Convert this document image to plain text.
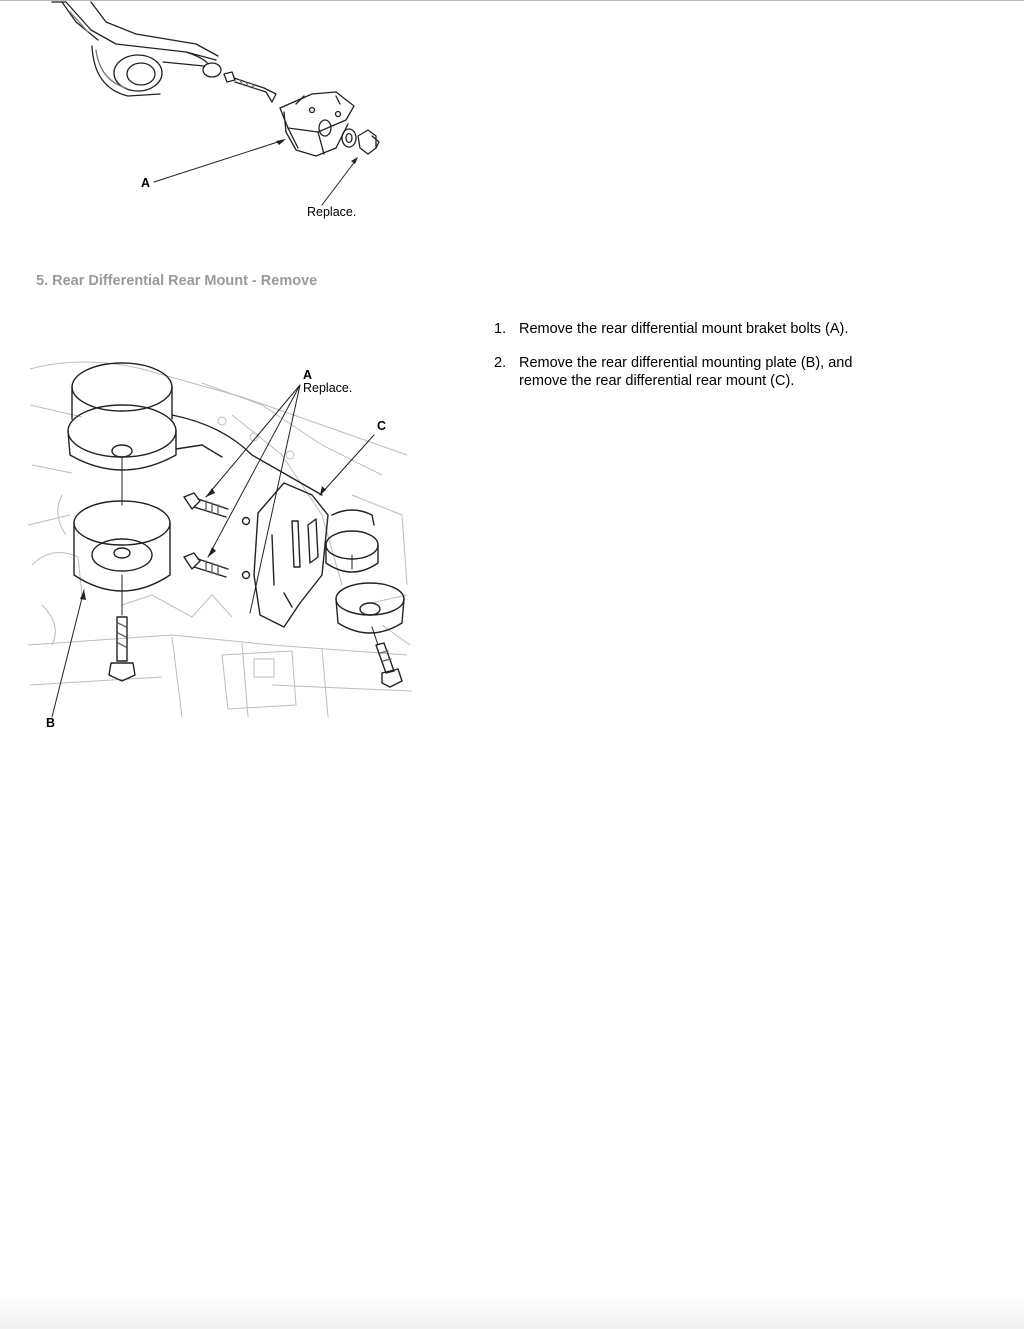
A
Replace.
5. Rear Differential Rear Mount - Remove
A
Replace.
C
B
1. Remove the rear differential mount braket bolts (A).
2. Remove the rear differential mounting plate (B), and remove the rear differential rear mount (C).
